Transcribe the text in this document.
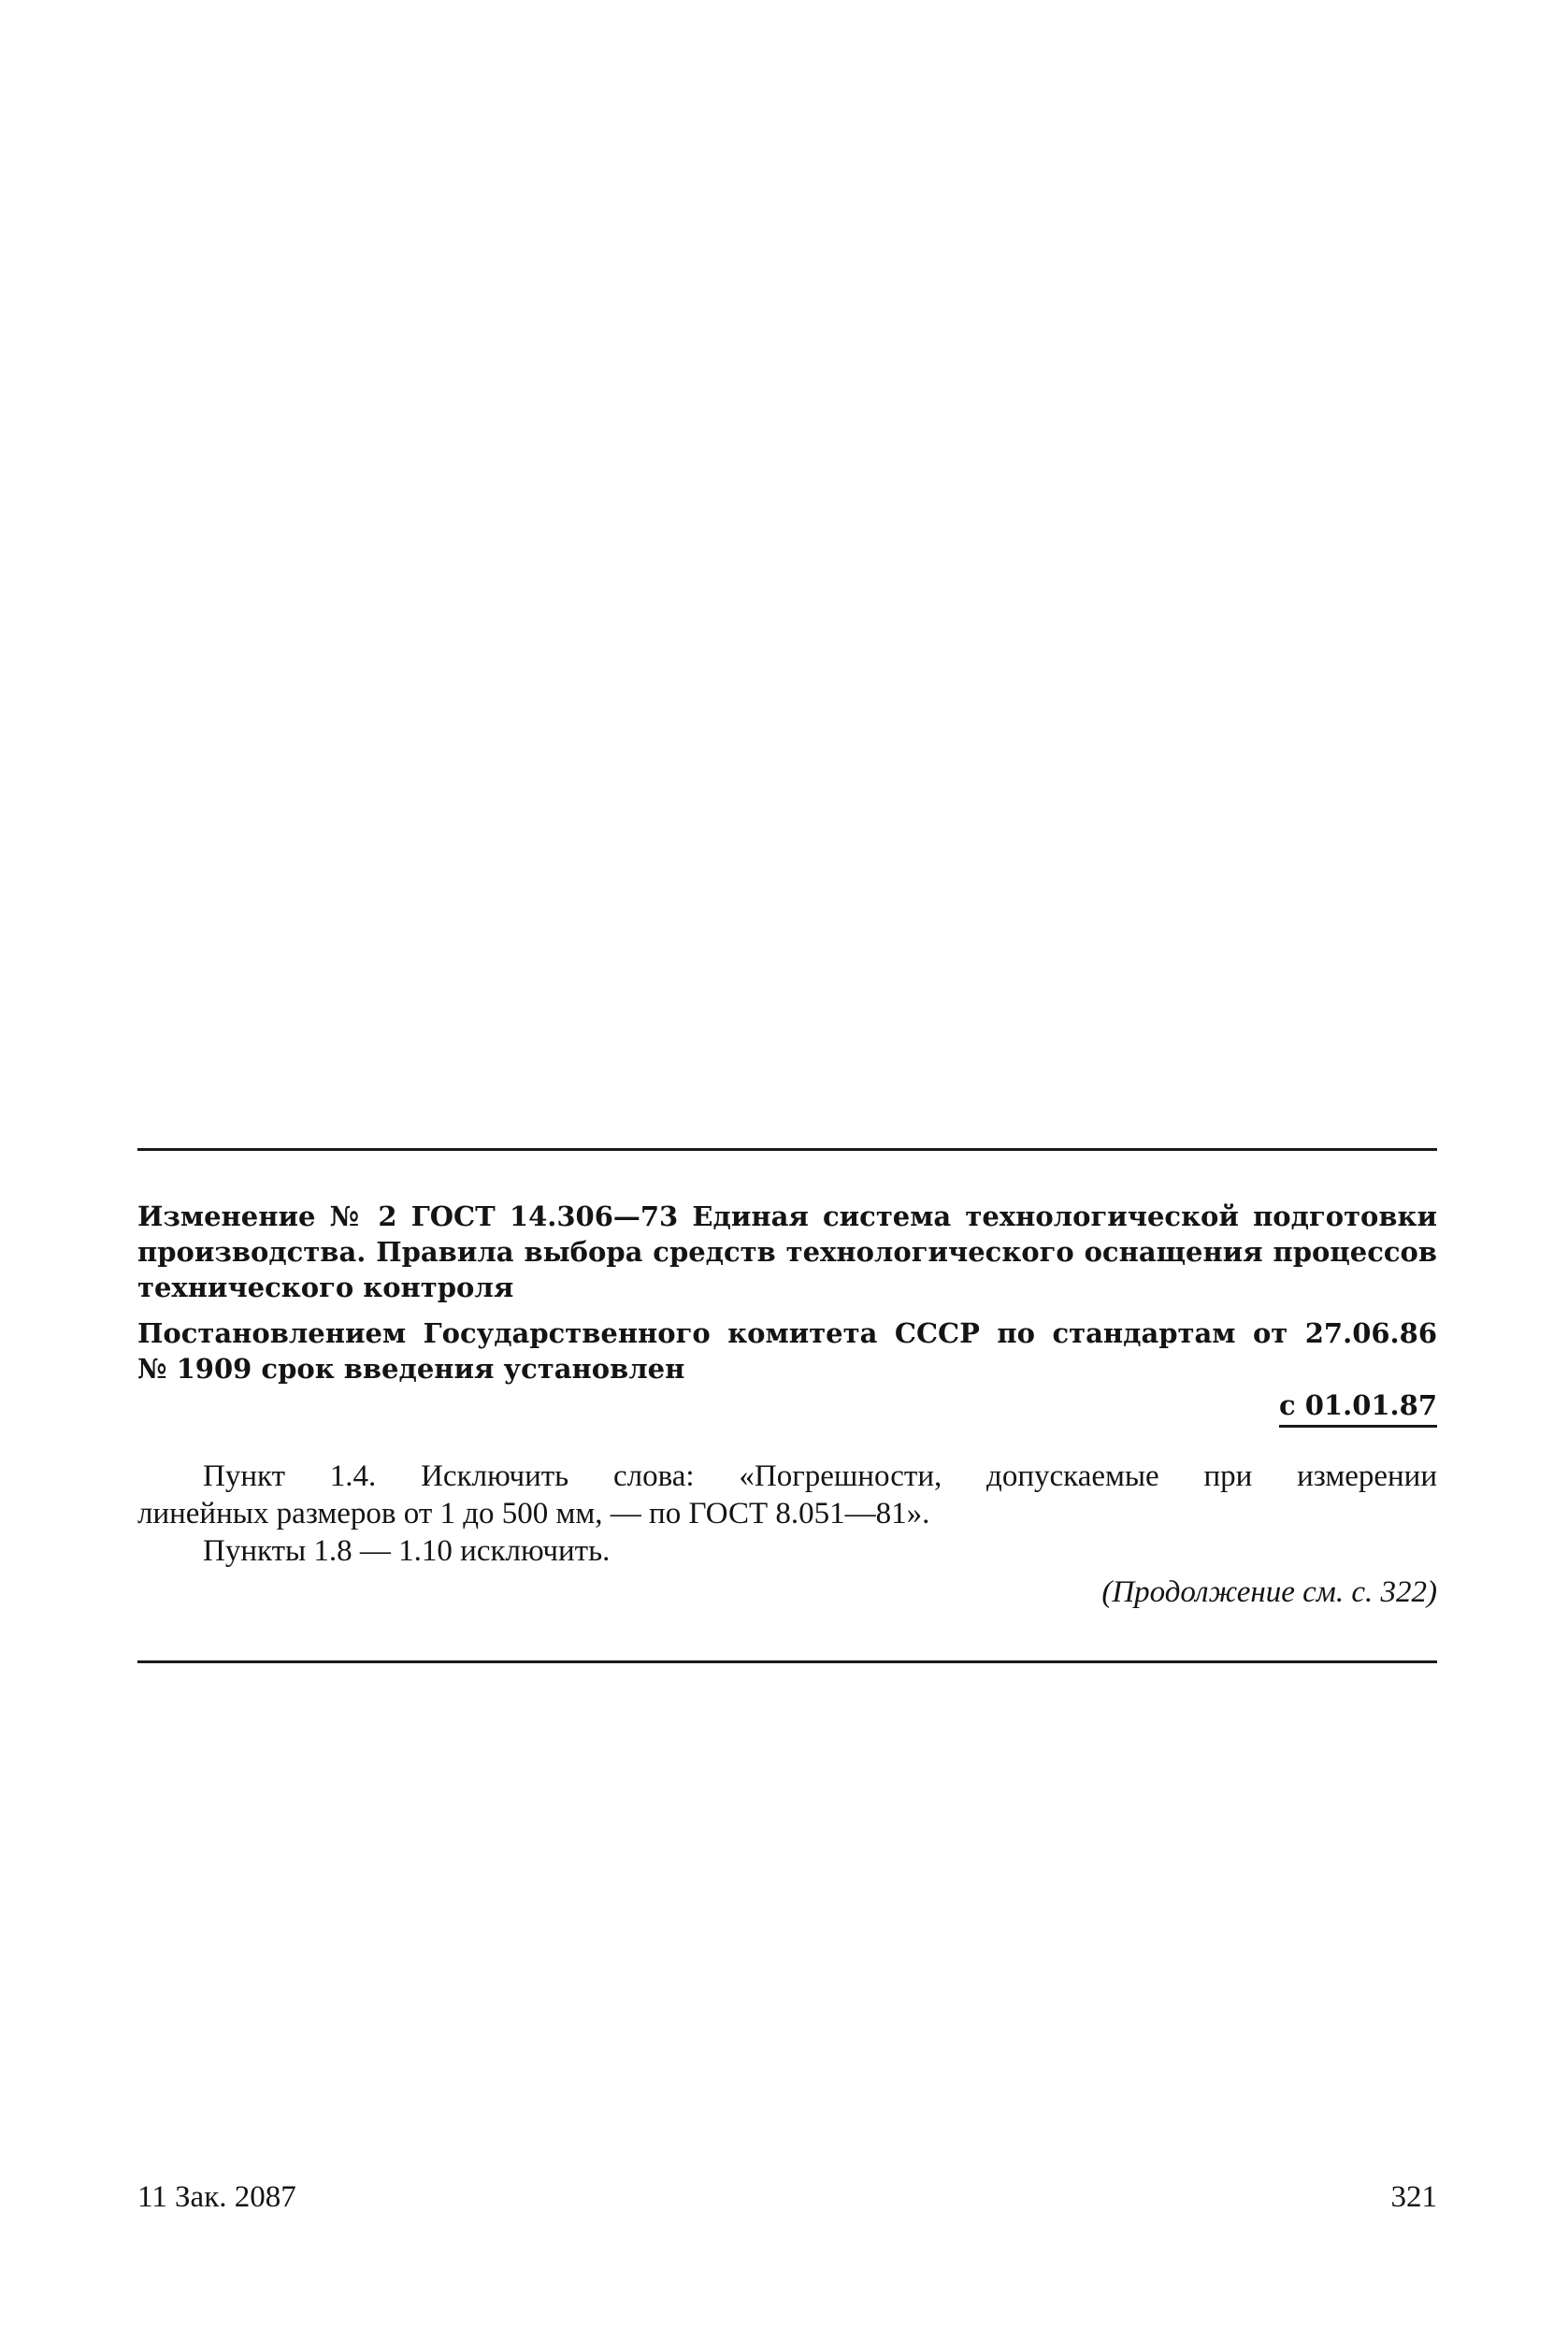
Изменение № 2 ГОСТ 14.306—73 Единая система технологической подготовки
производства. Правила выбора средств технологического оснащения процессов
технического контроля
Постановлением Государственного комитета СССР по стандартам от 27.06.86
№ 1909 срок введения установлен
с 01.01.87
Пункт 1.4. Исключить слова: «Погрешности, допускаемые при измерении
линейных размеров от 1 до 500 мм, — по ГОСТ 8.051—81».
Пункты 1.8 — 1.10 исключить.
(Продолжение см. с. 322)
11 Зак. 2087	321
